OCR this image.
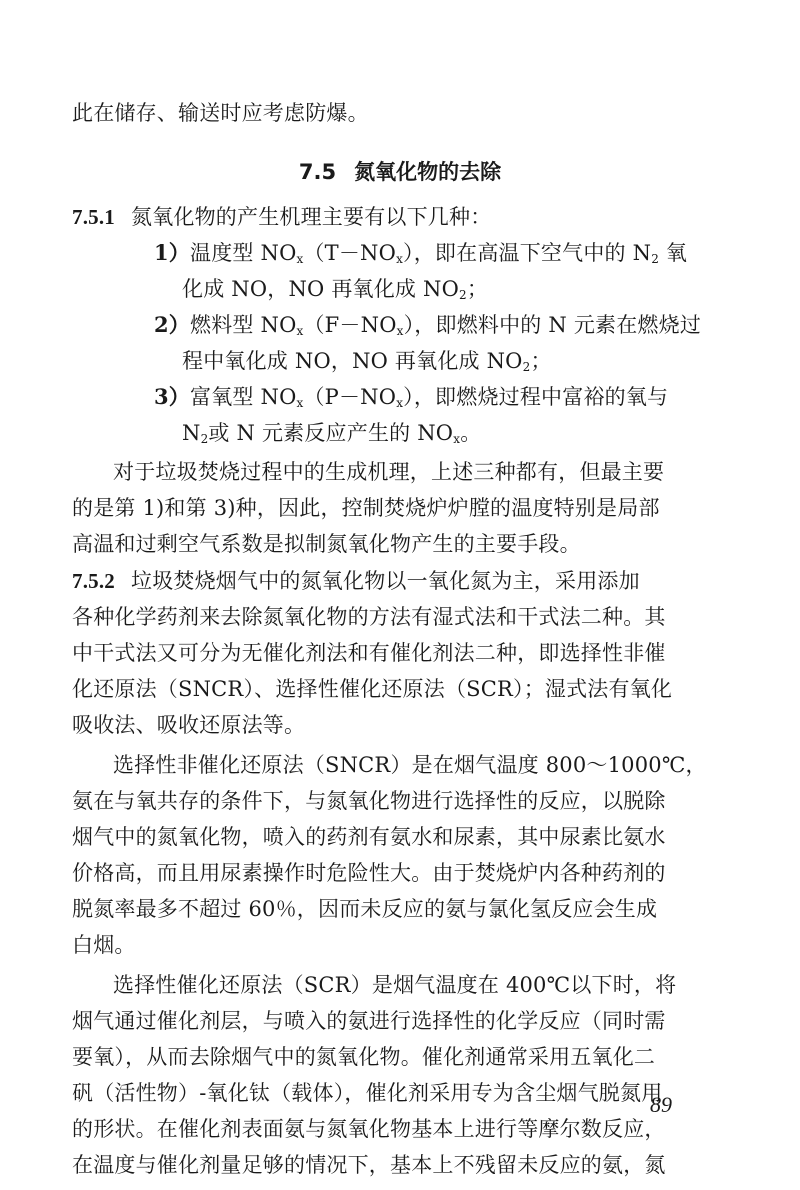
此在储存、输送时应考虑防爆。
7.5 氮氧化物的去除
7.5.1 氮氧化物的产生机理主要有以下几种：
1）温度型 $NO_x(T-NO_x)$，即在高温下空气中的 $N_2$ 氧
化成 NO，NO 再氧化成 $NO_2$；
2）燃料型 $NO_x(F-NO_x)$，即燃料中的 N 元素在燃烧过
程中氧化成 NO，NO 再氧化成 $NO_2$；
3）富氧型 $NO_x(P-NO_x)$，即燃烧过程中富裕的氧与
$N_2$或 N 元素反应产生的 $NO_x$。
对于垃圾焚烧过程中的生成机理，上述三种都有，但最主要
的是第 1)和第 3)种，因此，控制焚烧炉炉膛的温度特别是局部
高温和过剩空气系数是拟制氮氧化物产生的主要手段。
7.5.2 垃圾焚烧烟气中的氮氧化物以一氧化氮为主，采用添加
各种化学药剂来去除氮氧化物的方法有湿式法和干式法二种。其
中干式法又可分为无催化剂法和有催化剂法二种，即选择性非催
化还原法（SNCR）、选择性催化还原法（SCR）；湿式法有氧化
吸收法、吸收还原法等。
选择性非催化还原法（SNCR）是在烟气温度 800～1000℃，
氨在与氧共存的条件下，与氮氧化物进行选择性的反应，以脱除
烟气中的氮氧化物，喷入的药剂有氨水和尿素，其中尿素比氨水
价格高，而且用尿素操作时危险性大。由于焚烧炉内各种药剂的
脱氮率最多不超过 60％，因而未反应的氨与氯化氢反应会生成
白烟。
选择性催化还原法（SCR）是烟气温度在 400℃以下时，将
烟气通过催化剂层，与喷入的氨进行选择性的化学反应（同时需
要氧），从而去除烟气中的氮氧化物。催化剂通常采用五氧化二
矾（活性物）-氧化钛（载体），催化剂采用专为含尘烟气脱氮用
的形状。在催化剂表面氨与氮氧化物基本上进行等摩尔数反应，
在温度与催化剂量足够的情况下，基本上不残留未反应的氨，氮
89
